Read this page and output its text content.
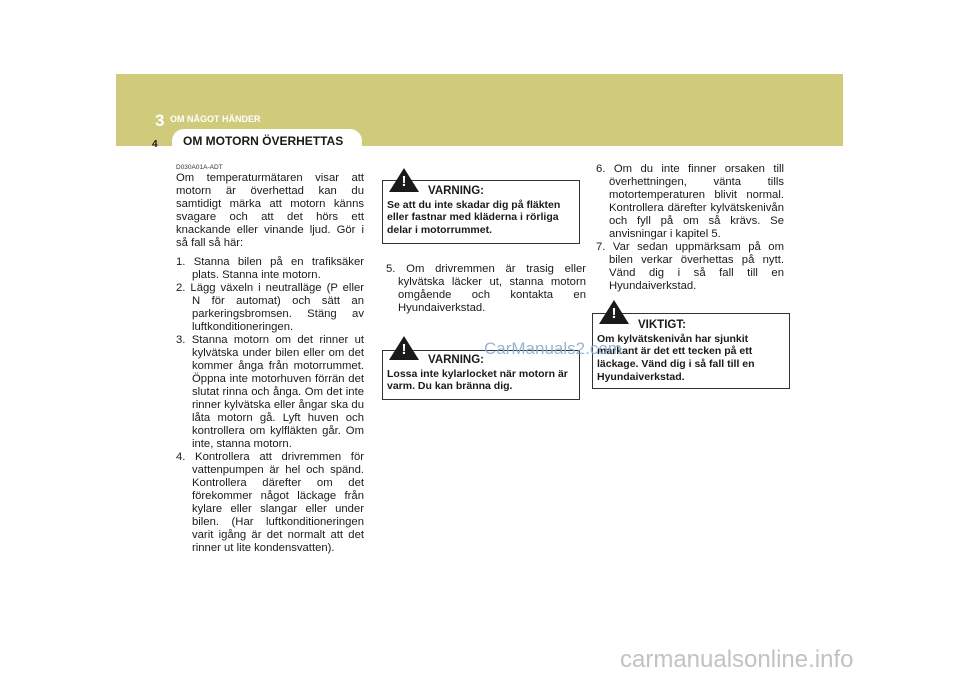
3 OM NÅGOT HÄNDER
OM MOTORN ÖVERHETTAS
4
D030A01A-ADT

Om temperaturmätaren visar att motorn är överhettad kan du samtidigt märka att motorn känns svagare och att det hörs ett knackande eller vinande ljud. Gör i så fall så här:

1. Stanna bilen på en trafiksäker plats. Stanna inte motorn.
2. Lägg växeln i neutralläge (P eller N för automat) och sätt an parkeringsbromsen. Stäng av luftkonditioneringen.
3. Stanna motorn om det rinner ut kylvätska under bilen eller om det kommer ånga från motorrummet. Öppna inte motorhuven förrän det slutat rinna och ånga. Om det inte rinner kylvätska eller ångar ska du låta motorn gå. Lyft huven och kontrollera om kylfläkten går. Om inte, stanna motorn.
4. Kontrollera att drivremmen för vattenpumpen är hel och spänd. Kontrollera därefter om det förekommer något läckage från kylare eller slangar eller under bilen. (Har luftkonditioneringen varit igång är det normalt att det rinner ut lite kondensvatten).
VARNING:
Se att du inte skadar dig på fläkten eller fastnar med kläderna i rörliga delar i motorrummet.
!
5. Om drivremmen är trasig eller kylvätska läcker ut, stanna motorn omgående och kontakta en Hyundaiverkstad.
VARNING:
Lossa inte kylarlocket när motorn är varm. Du kan bränna dig.
!
6. Om du inte finner orsaken till överhettningen, vänta tills motortemperaturen blivit normal. Kontrollera därefter kylvätskenivån och fyll på om så krävs. Se anvisningar i kapitel 5.
7. Var sedan uppmärksam på om bilen verkar överhettas på nytt. Vänd dig i så fall till en Hyundaiverkstad.
VIKTIGT:
Om kylvätskenivån har sjunkit markant är det ett tecken på ett läckage. Vänd dig i så fall till en Hyundaiverkstad.
!
CarManuals2.com
carmanualsonline.info
